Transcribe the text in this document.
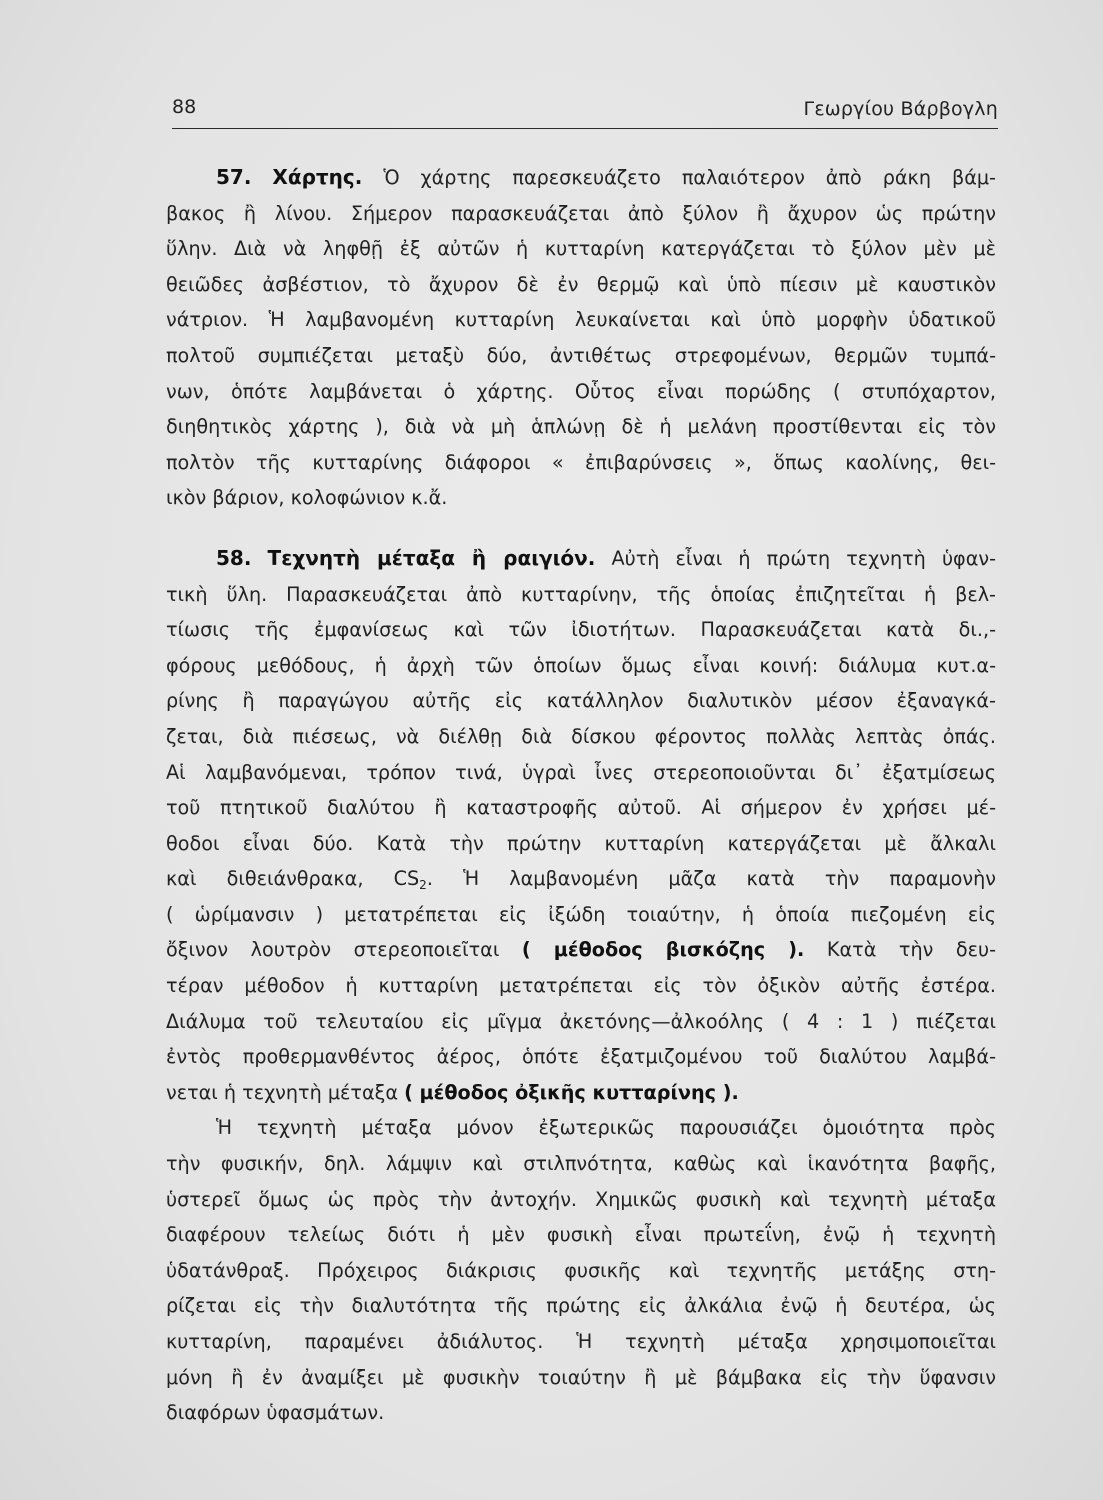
88	Γεωργίου Βάρβογλη
57. Χάρτης. Ὁ χάρτης παρεσκευάζετο παλαιότερον ἀπὸ ράκη βάμ-
βακος ἢ λίνου. Σήμερον παρασκευάζεται ἀπὸ ξύλον ἢ ἄχυρον ὡς πρώτην
ὕλην. Διὰ νὰ ληφθῇ ἐξ αὐτῶν ἡ κυτταρίνη κατεργάζεται τὸ ξύλον μὲν μὲ
θειῶδες ἀσβέστιον, τὸ ἄχυρον δὲ ἐν θερμῷ καὶ ὑπὸ πίεσιν μὲ καυστικὸν
νάτριον. Ἡ λαμβανομένη κυτταρίνη λευκαίνεται καὶ ὑπὸ μορφὴν ὑδατικοῦ
πολτοῦ συμπιέζεται μεταξὺ δύο, ἀντιθέτως στρεφομένων, θερμῶν τυμπά-
νων, ὁπότε λαμβάνεται ὁ χάρτης. Οὗτος εἶναι πορώδης ( στυπόχαρτον,
διηθητικὸς χάρτης ), διὰ νὰ μὴ ἁπλώνῃ δὲ ἡ μελάνη προστίθενται εἰς τὸν
πολτὸν τῆς κυτταρίνης διάφοροι « ἐπιβαρύνσεις », ὅπως καολίνης, θει-
ικὸν βάριον, κολοφώνιον κ.ἄ.
58. Τεχνητὴ μέταξα ἢ ραιγιόν. Αὐτὴ εἶναι ἡ πρώτη τεχνητὴ ὑφαν-
τικὴ ὕλη. Παρασκευάζεται ἀπὸ κυτταρίνην, τῆς ὁποίας ἐπιζητεῖται ἡ βελ-
τίωσις τῆς ἐμφανίσεως καὶ τῶν ἰδιοτήτων. Παρασκευάζεται κατὰ δι.,-
φόρους μεθόδους, ἡ ἀρχὴ τῶν ὁποίων ὅμως εἶναι κοινή: διάλυμα κυτ.α-
ρίνης ἢ παραγώγου αὐτῆς εἰς κατάλληλον διαλυτικὸν μέσον ἐξαναγκά-
ζεται, διὰ πιέσεως, νὰ διέλθῃ διὰ δίσκου φέροντος πολλὰς λεπτὰς ὀπάς.
Αἱ λαμβανόμεναι, τρόπον τινά, ὑγραὶ ἶνες στερεοποιοῦνται δι᾽ ἐξατμίσεως
τοῦ πτητικοῦ διαλύτου ἢ καταστροφῆς αὐτοῦ. Αἱ σήμερον ἐν χρήσει μέ-
θοδοι εἶναι δύο. Κατὰ τὴν πρώτην κυτταρίνη κατεργάζεται μὲ ἄλκαλι
καὶ διθειάνθρακα, $CS_2$. Ἡ λαμβανομένη μᾶζα κατὰ τὴν παραμονὴν
( ὡρίμανσιν ) μετατρέπεται εἰς ἰξώδη τοιαύτην, ἡ ὁποία πιεζομένη εἰς
ὄξινον λουτρὸν στερεοποιεῖται ( μέθοδος βισκόζης ). Κατὰ τὴν δευ-
τέραν μέθοδον ἡ κυτταρίνη μετατρέπεται εἰς τὸν ὀξικὸν αὐτῆς ἐστέρα.
Διάλυμα τοῦ τελευταίου εἰς μῖγμα ἀκετόνης—ἀλκοόλης ( 4 : 1 ) πιέζεται
ἐντὸς προθερμανθέντος ἀέρος, ὁπότε ἐξατμιζομένου τοῦ διαλύτου λαμβά-
νεται ἡ τεχνητὴ μέταξα ( μέθοδος ὀξικῆς κυτταρίνης ).
Ἡ τεχνητὴ μέταξα μόνον ἐξωτερικῶς παρουσιάζει ὁμοιότητα πρὸς
τὴν φυσικήν, δηλ. λάμψιν καὶ στιλπνότητα, καθὼς καὶ ἱκανότητα βαφῆς,
ὑστερεῖ ὅμως ὡς πρὸς τὴν ἀντοχήν. Χημικῶς φυσικὴ καὶ τεχνητὴ μέταξα
διαφέρουν τελείως διότι ἡ μὲν φυσικὴ εἶναι πρωτεΐνη, ἐνῷ ἡ τεχνητὴ
ὑδατάνθραξ. Πρόχειρος διάκρισις φυσικῆς καὶ τεχνητῆς μετάξης στη-
ρίζεται εἰς τὴν διαλυτότητα τῆς πρώτης εἰς ἀλκάλια ἐνῷ ἡ δευτέρα, ὡς
κυτταρίνη, παραμένει ἀδιάλυτος. Ἡ τεχνητὴ μέταξα χρησιμοποιεῖται
μόνη ἢ ἐν ἀναμίξει μὲ φυσικὴν τοιαύτην ἢ μὲ βάμβακα εἰς τὴν ὕφανσιν
διαφόρων ὑφασμάτων.
